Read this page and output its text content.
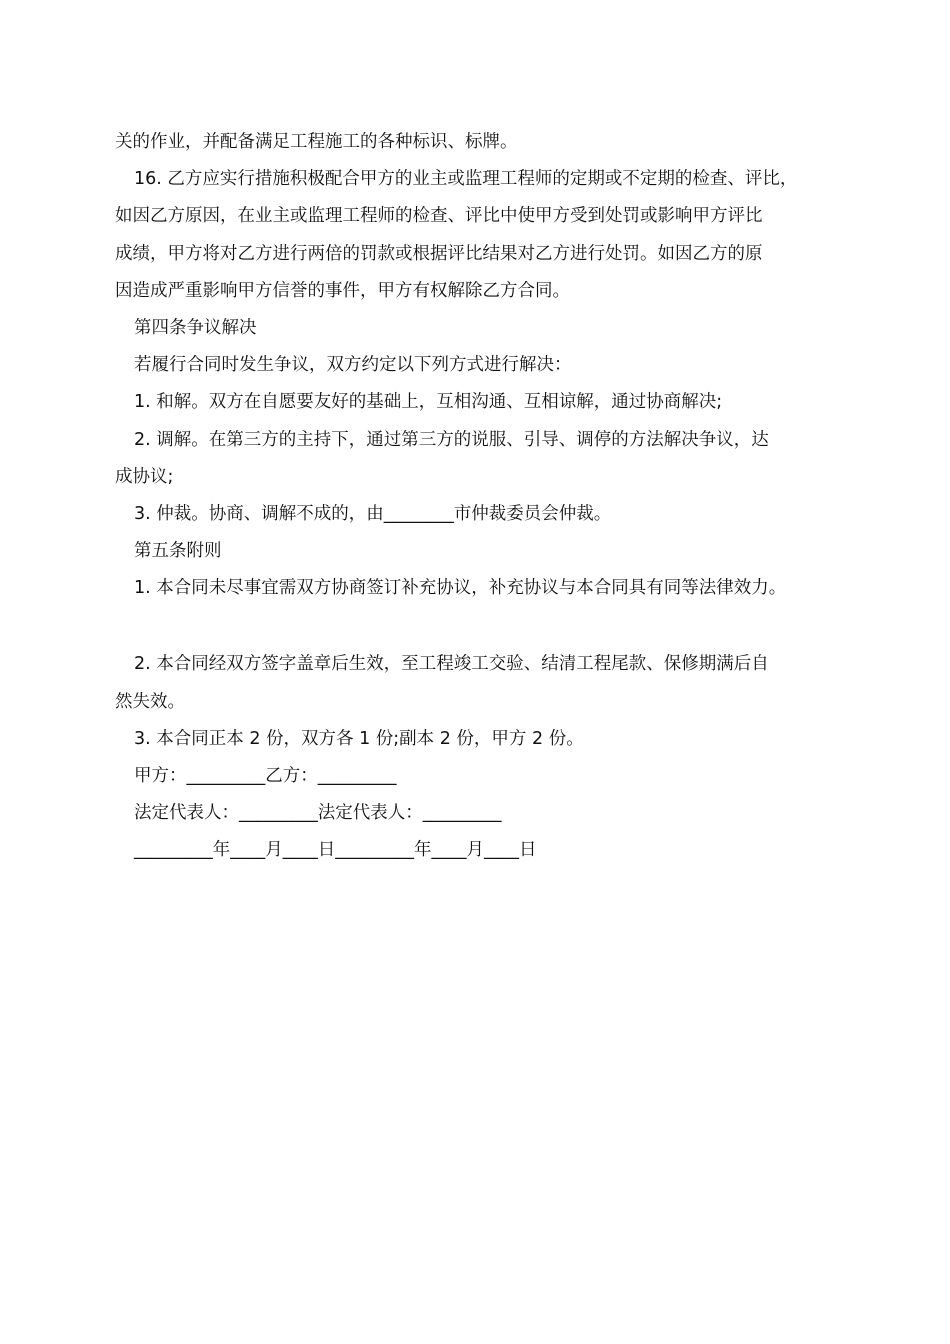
关的作业，并配备满足工程施工的各种标识、标牌。
16. 乙方应实行措施积极配合甲方的业主或监理工程师的定期或不定期的检查、评比，
如因乙方原因，在业主或监理工程师的检查、评比中使甲方受到处罚或影响甲方评比
成绩，甲方将对乙方进行两倍的罚款或根据评比结果对乙方进行处罚。如因乙方的原
因造成严重影响甲方信誉的事件，甲方有权解除乙方合同。
第四条争议解决
若履行合同时发生争议，双方约定以下列方式进行解决：
1. 和解。双方在自愿要友好的基础上，互相沟通、互相谅解，通过协商解决;
2. 调解。在第三方的主持下，通过第三方的说服、引导、调停的方法解决争议，达
成协议;
3. 仲裁。协商、调解不成的，由________市仲裁委员会仲裁。
第五条附则
1. 本合同未尽事宜需双方协商签订补充协议，补充协议与本合同具有同等法律效力。
2. 本合同经双方签字盖章后生效，至工程竣工交验、结清工程尾款、保修期满后自
然失效。
3. 本合同正本 2 份，双方各 1 份;副本 2 份，甲方 2 份。
甲方：_________乙方：_________
法定代表人：_________法定代表人：_________
_________年____月____日_________年____月____日
